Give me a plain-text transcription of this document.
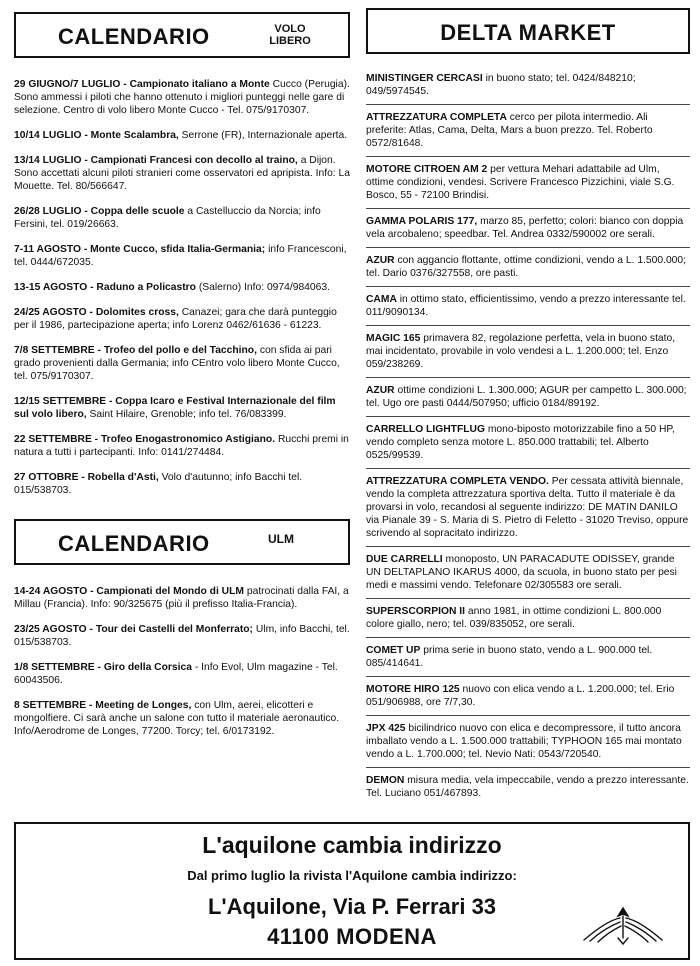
CALENDARIO	VOLO
LIBERO

29 GIUGNO/7 LUGLIO - Campionato italiano a Monte Cucco (Perugia). Sono ammessi i piloti che hanno ottenuto i migliori punteggi nelle gare di selezione. Centro di volo libero Monte Cucco - Tel. 075/9170307.

10/14 LUGLIO - Monte Scalambra, Serrone (FR), Internazionale aperta.

13/14 LUGLIO - Campionati Francesi con decollo al traino, a Dijon. Sono accettati alcuni piloti stranieri come osservatori ed apripista. Info: La Mouette. Tel. 80/566647.

26/28 LUGLIO - Coppa delle scuole a Castelluccio da Norcia; info Fersini, tel. 019/26663.

7-11 AGOSTO - Monte Cucco, sfida Italia-Germania; info Francesconi, tel. 0444/672035.

13-15 AGOSTO - Raduno a Policastro (Salerno) Info: 0974/984063.

24/25 AGOSTO - Dolomites cross, Canazei; gara che darà punteggio per il 1986, partecipazione aperta; info Lorenz 0462/61636 - 61223.

7/8 SETTEMBRE - Trofeo del pollo e del Tacchino, con sfida ai pari grado provenienti dalla Germania; info CEntro volo libero Monte Cucco, tel. 075/9170307.

12/15 SETTEMBRE - Coppa Icaro e Festival Internazionale del film sul volo libero, Saint Hilaire, Grenoble; info tel. 76/083399.

22 SETTEMBRE - Trofeo Enogastronomico Astigiano. Rucchi premi in natura a tutti i partecipanti. Info: 0141/274484.

27 OTTOBRE - Robella d'Asti, Volo d'autunno; info Bacchi tel. 015/538703.

CALENDARIO	ULM

14-24 AGOSTO - Campionati del Mondo di ULM patrocinati dalla FAI, a Millau (Francia). Info: 90/325675 (più il prefisso Italia-Francia).

23/25 AGOSTO - Tour dei Castelli del Monferrato; Ulm, info Bacchi, tel. 015/538703.

1/8 SETTEMBRE - Giro della Corsica - Info Evol, Ulm magazine - Tel. 60043506.

8 SETTEMBRE - Meeting de Longes, con Ulm, aerei, elicotteri e mongolfiere. Ci sarà anche un salone con tutto il materiale aeronautico. Info/Aerodrome de Longes, 77200. Torcy; tel. 6/0173192.

DELTA MARKET
MINISTINGER CERCASI in buono stato; tel. 0424/848210; 049/5974545.
ATTREZZATURA COMPLETA cerco per pilota intermedio. Ali preferite: Atlas, Cama, Delta, Mars a buon prezzo. Tel. Roberto 0572/81648.
MOTORE CITROEN AM 2 per vettura Mehari adattabile ad Ulm, ottime condizioni, vendesi. Scrivere Francesco Pizzichini, viale S.G. Bosco, 55 - 72100 Brindisi.
GAMMA POLARIS 177, marzo 85, perfetto; colori: bianco con doppia vela arcobaleno; speedbar. Tel. Andrea 0332/590002 ore serali.
AZUR con aggancio flottante, ottime condizioni, vendo a L. 1.500.000; tel. Dario 0376/327558, ore pasti.
CAMA in ottimo stato, efficientissimo, vendo a prezzo interessante tel. 011/9090134.
MAGIC 165 primavera 82, regolazione perfetta, vela in buono stato, mai incidentato, provabile in volo vendesi a L. 1.200.000; tel. Enzo 059/238269.
AZUR ottime condizioni L. 1.300.000; AGUR per campetto L. 300.000; tel. Ugo ore pasti 0444/507950; ufficio 0184/89192.
CARRELLO LIGHTFLUG mono-biposto motorizzabile fino a 50 HP, vendo completo senza motore L. 850.000 trattabili; tel. Alberto 0525/99539.
ATTREZZATURA COMPLETA VENDO. Per cessata attività biennale, vendo la completa attrezzatura sportiva delta. Tutto il materiale è da provarsi in volo, recandosi al seguente indirizzo: DE MATIN DANILO via Pianale 39 - S. Maria di S. Pietro di Feletto - 31020 Treviso, oppure scrivendo al sopracitato indirizzo.
DUE CARRELLI monoposto, UN PARACADUTE ODISSEY, grande UN DELTAPLANO IKARUS 4000, da scuola, in buono stato per pesi medi e massimi vendo. Telefonare 02/305583 ore serali.
SUPERSCORPION II anno 1981, in ottime condizioni L. 800.000 colore giallo, nero; tel. 039/835052, ore serali.
COMET UP prima serie in buono stato, vendo a L. 900.000 tel. 085/414641.
MOTORE HIRO 125 nuovo con elica vendo a L. 1.200.000; tel. Erio 051/906988, ore 7/7,30.
JPX 425 bicilindrico nuovo con elica e decompressore, il tutto ancora imballato vendo a L. 1.500.000 trattabili; TYPHOON 165 mai montato vendo a L. 1.700.000; tel. Nevio Nati: 0543/720540.
DEMON misura media, vela impeccabile, vendo a prezzo interessante. Tel. Luciano 051/467893.
L'aquilone cambia indirizzo
Dal primo luglio la rivista l'Aquilone cambia indirizzo:
L'Aquilone, Via P. Ferrari 33
41100 MODENA
